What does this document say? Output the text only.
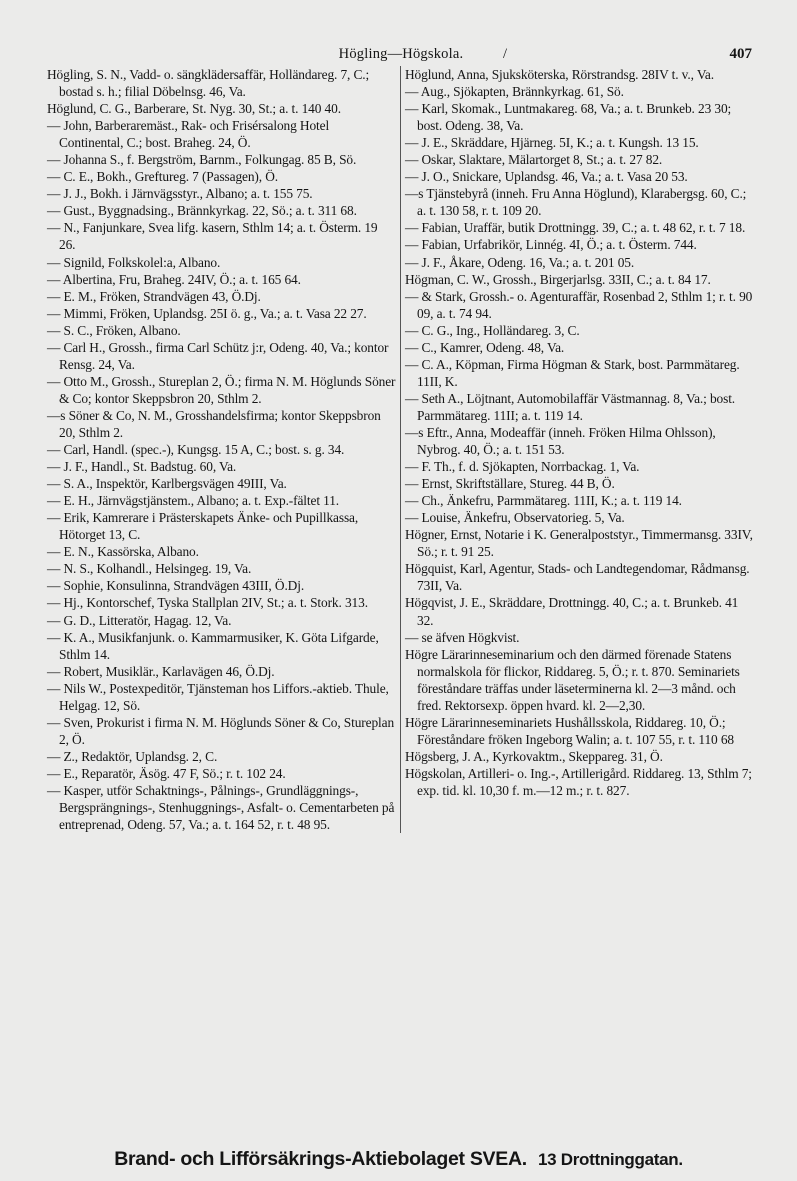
Högling—Högskola.	/	407
Högling, S. N., Vadd- o. sängklädersaffär, Holländareg. 7, C.; bostad s. h.; filial Döbelnsg. 46, Va.
Höglund, C. G., Barberare, St. Nyg. 30, St.; a. t. 140 40.
— John, Barberaremäst., Rak- och Frisérsalong Hotel Continental, C.; bost. Braheg. 24, Ö.
— Johanna S., f. Bergström, Barnm., Folkungag. 85 B, Sö.
— C. E., Bokh., Greftureg. 7 (Passagen), Ö.
— J. J., Bokh. i Järnvägsstyr., Albano; a. t. 155 75.
— Gust., Byggnadsing., Brännkyrkag. 22, Sö.; a. t. 311 68.
— N., Fanjunkare, Svea lifg. kasern, Sthlm 14; a. t. Österm. 19 26.
— Signild, Folkskolel:a, Albano.
— Albertina, Fru, Braheg. 24IV, Ö.; a. t. 165 64.
— E. M., Fröken, Strandvägen 43, Ö.Dj.
— Mimmi, Fröken, Uplandsg. 25I ö. g., Va.; a. t. Vasa 22 27.
— S. C., Fröken, Albano.
— Carl H., Grossh., firma Carl Schütz j:r, Odeng. 40, Va.; kontor Rensg. 24, Va.
— Otto M., Grossh., Stureplan 2, Ö.; firma N. M. Höglunds Söner & Co; kontor Skeppsbron 20, Sthlm 2.
—s Söner & Co, N. M., Grosshandelsfirma; kontor Skeppsbron 20, Sthlm 2.
— Carl, Handl. (spec.-), Kungsg. 15 A, C.; bost. s. g. 34.
— J. F., Handl., St. Badstug. 60, Va.
— S. A., Inspektör, Karlbergsvägen 49III, Va.
— E. H., Järnvägstjänstem., Albano; a. t. Exp.-fältet 11.
— Erik, Kamrerare i Prästerskapets Änke- och Pupillkassa, Hötorget 13, C.
— E. N., Kassörska, Albano.
— N. S., Kolhandl., Helsingeg. 19, Va.
— Sophie, Konsulinna, Strandvägen 43III, Ö.Dj.
— Hj., Kontorschef, Tyska Stallplan 2IV, St.; a. t. Stork. 313.
— G. D., Litteratör, Hagag. 12, Va.
— K. A., Musikfanjunk. o. Kammarmusiker, K. Göta Lifgarde, Sthlm 14.
— Robert, Musiklär., Karlavägen 46, Ö.Dj.
— Nils W., Postexpeditör, Tjänsteman hos Liffors.-aktieb. Thule, Helgag. 12, Sö.
— Sven, Prokurist i firma N. M. Höglunds Söner & Co, Stureplan 2, Ö.
— Z., Redaktör, Uplandsg. 2, C.
— E., Reparatör, Äsög. 47 F, Sö.; r. t. 102 24.
— Kasper, utför Schaktnings-, Pålnings-, Grundläggnings-, Bergsprängnings-, Stenhuggnings-, Asfalt- o. Cementarbeten på entreprenad, Odeng. 57, Va.; a. t. 164 52, r. t. 48 95.
Höglund, Anna, Sjuksköterska, Rörstrandsg. 28IV t. v., Va.
— Aug., Sjökapten, Brännkyrkag. 61, Sö.
— Karl, Skomak., Luntmakareg. 68, Va.; a. t. Brunkeb. 23 30; bost. Odeng. 38, Va.
— J. E., Skräddare, Hjärneg. 5I, K.; a. t. Kungsh. 13 15.
— Oskar, Slaktare, Mälartorget 8, St.; a. t. 27 82.
— J. O., Snickare, Uplandsg. 46, Va.; a. t. Vasa 20 53.
—s Tjänstebyrå (inneh. Fru Anna Höglund), Klarabergsg. 60, C.; a. t. 130 58, r. t. 109 20.
— Fabian, Uraffär, butik Drottningg. 39, C.; a. t. 48 62, r. t. 7 18.
— Fabian, Urfabrikör, Linnég. 4I, Ö.; a. t. Österm. 744.
— J. F., Åkare, Odeng. 16, Va.; a. t. 201 05.
Högman, C. W., Grossh., Birgerjarlsg. 33II, C.; a. t. 84 17.
— & Stark, Grossh.- o. Agenturaffär, Rosenbad 2, Sthlm 1; r. t. 90 09, a. t. 74 94.
— C. G., Ing., Holländareg. 3, C.
— C., Kamrer, Odeng. 48, Va.
— C. A., Köpman, Firma Högman & Stark, bost. Parmmätareg. 11II, K.
— Seth A., Löjtnant, Automobilaffär Västmannag. 8, Va.; bost. Parmmätareg. 11II; a. t. 119 14.
—s Eftr., Anna, Modeaffär (inneh. Fröken Hilma Ohlsson), Nybrog. 40, Ö.; a. t. 151 53.
— F. Th., f. d. Sjökapten, Norrbackag. 1, Va.
— Ernst, Skriftställare, Stureg. 44 B, Ö.
— Ch., Änkefru, Parmmätareg. 11II, K.; a. t. 119 14.
— Louise, Änkefru, Observatorieg. 5, Va.
Högner, Ernst, Notarie i K. Generalpoststyr., Timmermansg. 33IV, Sö.; r. t. 91 25.
Högquist, Karl, Agentur, Stads- och Landtegendomar, Rådmansg. 73II, Va.
Högqvist, J. E., Skräddare, Drottningg. 40, C.; a. t. Brunkeb. 41 32.
— se äfven Högkvist.
Högre Lärarinneseminarium och den därmed förenade Statens normalskola för flickor, Riddareg. 5, Ö.; r. t. 870. Seminariets föreståndare träffas under läseterminerna kl. 2—3 månd. och fred. Rektorsexp. öppen hvard. kl. 2—2,30.
Högre Lärarinneseminariets Hushållsskola, Riddareg. 10, Ö.; Föreståndare fröken Ingeborg Walin; a. t. 107 55, r. t. 110 68
Högsberg, J. A., Kyrkovaktm., Skeppareg. 31, Ö.
Högskolan, Artilleri- o. Ing.-, Artillerigård. Riddareg. 13, Sthlm 7; exp. tid. kl. 10,30 f. m.—12 m.; r. t. 827.
Brand- och Lifförsäkrings-Aktiebolaget SVEA. 13 Drottninggatan.
